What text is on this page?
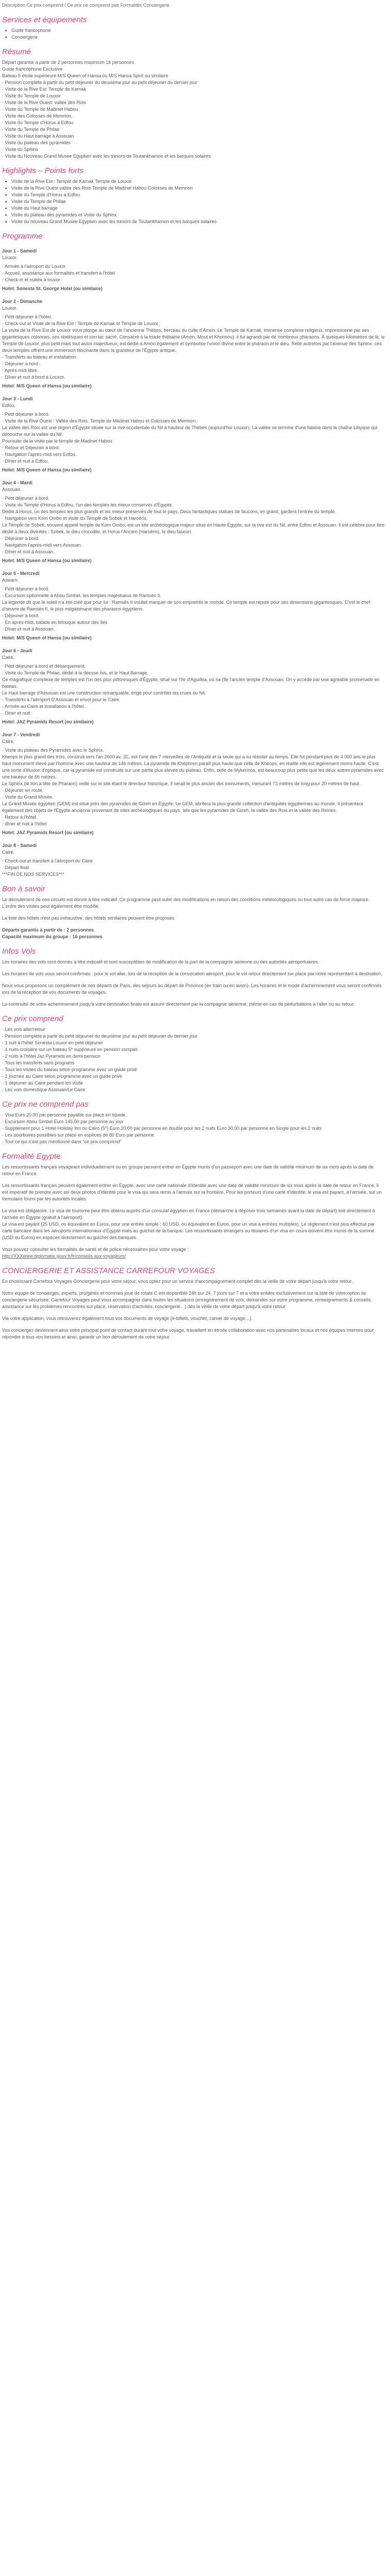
Description Ce prix comprend / Ce prix ne comprend pas Formalités Conciergerie
Services et équipements
• Guide francophone
• Conciergerie
Résumé
Départ garantie à partir de 2 personnes maximum 16 personnes
Guide francophone Exclusive
Bateau 5 étoile supérieure M/S Queen of Hansa ou M/S Hansa Spirit ou similaire
· Pension complète à partir du petit déjeuner du deuxième jour au petit déjeuner du dernier jour
· Visite de la Rive Est: Temple de Karnak
· Visite du Temple de Louxor
· Visite de la Rive Ouest: vallée des Rois
· Visite du Temple de Madinet Habou
· Visite des Colosses de Memnon,
· Visite du Temple d'Horus à Edfou
· Visite du Temple de Philae
· Visite du Haut barrage à Assouan
· Visite du plateau des pyramides
· Visite du Sphinx
· Visite du Nouveau Grand Musee Egyptien avec les tresors de Toutankhamon et les barques solaires
Highlights – Points forts
• Visite de la Rive Est : Temple de Karnak Temple de Louxor
• Visite de la Rive Ouest vallée des Rois Temple de Madinet Habou Colosses de Memnon
• Visite du Temple d'Horus à Edfou
• Visite du Temple de Philae
• Visite du Haut barrage
• Visite du plateau des pyramides et Visite du Sphinx
• Visite du nouveau Grand Musee Egyptien avec les tresors de Toutankhamon et les barques solaires
Programme
Jour 1 - Samedi
Louxor.
· Arrivée à l'aéroport du Louxor
· Accueil, assistance aux formalités et transfert à l'hôtel
· Check-in et nuitée à louxor
Hotel: Sonesta St. George Hotel (ou similaire)
Jour 2 - Dimanche
Louxor.
· Petit déjeuner à l'hôtel.
· Check-out et Visite de la Rive Est : Temple de Karnak et Temple de Louxor.
La visite de la Rive Est de Louxor vous plonge au cœur de l'ancienne Thèbes, berceau du culte d'Amon. Le Temple de Karnak, immense complexe religieux, impressionne par ses gigantesques colonnes, ses obélisques et son lac sacré. Consacré à la triade thébaine (Amon, Mout et Khonsou), il fut agrandi par de nombreux pharaons. À quelques kilomètres de là, le Temple de Louxor, plus petit mais tout aussi majestueux, est dédié à Amon également et symbolise l'union divine entre le pharaon et le dieu. Relié autrefois par l'avenue des Sphinx, ces deux temples offrent une immersion fascinante dans la grandeur de l'Égypte antique.
· Transferts au bateau et installation.
· Déjeuner a bord .
· Après-midi libre.
· Dîner et nuit à bord à Louxor.
Hotel: M/S Queen of Hansa (ou similaire)
Jour 3 - Lundi
Edfou.
· Petit déjeuner à bord.
· Visite de la Rive Ouest : Vallée des Rois, Temple de Madinet Habou et Colosses de Memnon.
La vallée des Rois est une région d'Égypte située sur la rive occidentale du Nil à hauteur de Thèbes (aujourd'hui Louxor). La vallée se termine d'une falaise dans le chaîne Libyque qui débouche sur la vallée du Nil.
Poursuite de la visite par le temple de Madinet Habou
· Retour et Déjeuner à bord.
· Navigation l'après-midi vers Edfou.
· Dîner et nuit à Edfou.
Hotel: M/S Queen of Hansa (ou similaire)
Jour 4 - Mardi
Assouan.
· Petit déjeuner à bord.
· Visite du Temple d'Horus à Edfou, l'un des temples les mieux conservés d'Égypte.
Dédié à Horus, un des temples les plus grands et les mieux préservés de tout le pays. Deux fantastiques statues de faucons, en granit, gardent l'entrée du temple.
· Navigation vers Kom Ombo et visite du Temple de Sobek et Haroéris.
Le Temple de Sobek, souvent appelé temple de Kom Ombo, est un site archéologique majeur situé en Haute-Égypte, sur la rive est du Nil, entre Edfou et Assouan. Il est célèbre pour être dédié à deux divinités : Sobek, le dieu crocodile, et Horus l'Ancien (Haroéris), le dieu faucon.
· Déjeuner à bord.
· Navigation l'après-midi vers Assouan.
· Dîner et nuit à Assouan.
Hotel: M/S Queen of Hansa (ou similaire)
Jour 5 - Mercredi
Aswam.
· Petit déjeuner à bord.
· Excursion optionnelle à Abou Simbel, les temples majestueux de Ramsès II.
La légende dit que le soleil n'a été créé que pour lui : Ramsès II voulait marquer de son empreinte le monde. Ce temple est réputé pour ses dimensions gigantesques. C'est le chef-d'œuvre de Ramsès II, le plus mégalomane des pharaons égyptiens.
· Déjeuner à bord.
· En après-midi, balade en felouque autour des îles
· Dîner et nuit à Assouan.
Hotel: M/S Queen of Hansa (ou similaire)
Jour 6 - Jeudi
Caire.
· Petit déjeuner à bord et débarquement.
· Visite du Temple de Philae, dédié à la déesse Isis, et le Haut Barrage.
Ce magnifique complexe de temples est l'un des plus pittoresques d'Égypte, situé sur l'île d'Aguilkia, où sa (île l'ancien temple d'Assouan. On y accède par une agréable promenade en bateau.
Le Haut barrage d'Assouan est une construction remarquable, érigé pour contrôler les crues du Nil.
· Transferts à l'aéroport D'Assouan et envol pour le Caire.
· Arrivée au Caire et installation à l'hôtel.
· Diner et nuit.
Hotel: JAZ Pyramids Resort (ou similaire)
Jour 7 - Vendredi
Caire.
· Visite du plateau des Pyramides avec le Sphinx.
Kheops le plus grand des trois, construit vers l'an 2600 av. JC, est l'une des 7 merveilles de l'Antiquité et la seule qui a su résister au temps. Elle fut pendant plus de 4 000 ans le plus haut monument élevé par l'homme avec une hauteur de 146 mètres. La pyramide de Khéphren paraît plus haute que celle de Khéops, en réalité elle est légèrement moins haute. C'est une sorte d'illusion d'optique, car la pyramide est construite sur une partie plus élevée du plateau. Enfin, celle de Mykérinos, est beaucoup plus petite que les deux autres pyramides avec une hauteur de 66 mètres.
Le Sphinx (le lion à tête de Pharaon) veille sur le site étant le directeur historique. Il serait le plus ancien des monuments, mesurant 73 mètres de long pour 20 mètres de haut.
· Déjeuner en route.
· Visite du Grand Musée.
Le Grand Musée égyptien (GEM) est situé près des pyramides de Gizeh en Egypte. Le GEM, abritera la plus grande collection d'antiquités égyptiennes au monde. Il présentera également des objets de l'Égypte ancienne provenant de sites archéologiques du pays, tels que les pyramides de Gizeh, la vallée des Rois et la vallée des Reines.
· Retour à l'hôtel.
· dîner et nuit à l'hôtel
Hotel: JAZ Pyramids Resort (ou similaire)
Jour 8 - Samedi
Caire.
· Check-out et transfert à l'aéroport du Caire
· Départ final
***FIN DE NOS SERVICES***
Bon à savoir
Le déroulement de nos circuits est donné à titre indicatif. Ce programme peut subir des modifications en raison des conditions météorologiques ou tout autre cas de force majeure. L'ordre des visites peut également être modifié.
La liste des hôtels n'est pas exhaustive, des hôtels similaires peuvent être proposés
Départs garantis à partir de : 2 personnes
Capacité maximum du groupe : 16 personnes
Infos Vols
Les horaires des vols sont donnés à titre indicatif et sont susceptibles de modification de la part de la compagnie aérienne ou des autorités aéroportuaires.
Les horaires de vols vous seront confirmés : pour le vol aller, lors de la réception de la convocation aéroport, pour le vol retour directement sur place par notre représentant à destination.
Nous vous proposons un complément de nos départs de Paris, des séjours au départ de Province (en train ou en avion). Les horaires et le mode d'acheminement vous seront confirmés lors de la réception de vos documents de voyages.
La continuité de votre acheminement jusqu'à votre destination finale est assuré directement par la compagnie aérienne, même en cas de perturbations à l'aller ou au retour.
Ce prix comprend
· Les vols aller/retour
· Pension complète à partir du petit déjeuner du deuxième jour au petit déjeuner du dernier jour
· 1 nuit à l'hôtel Sonesta Louxor en petit déjeuner
· 4 nuits croisière sur un bateau 5* supérieure en pension complet
· 2 nuits à l'hôtel Jaz Pyramids en demi-pension
· Tous les transferts sans programs
· Tous les visites du bateau selon programme avec un guide privé
· 1 journée au Caire selon programme avec un guide privé
· 1 déjeuner au Caire pendant les visite
· Les vols domestique Assouan/Le Caire
Ce prix ne comprend pas
· Visa Euro 20.00 par personne payable sur place en liquide
· Excursion Abou Simbel Euro 145.00 par personne au jour
· Supplément pour 1 Hotel Holiday Inn ou Cairo (5*) Euro 20.00 par personne en double pour les 2 nuits Euro 30.00 par personne en Single pour les 2 nuits
· Les pourboires possibles sur place en espèces de 80 Euro par personne
· Tout ce qui n'est pas mentionné dans "ce prix comprend"
Formalité Egypte
Les ressortissants français voyageant individuellement ou en groupe peuvent entrer en Égypte munis d'un passeport avec une date de validité minimum de six mois après la date de retour en France.
Les ressortissants français peuvent également entrer en Égypte, avec une carte nationale d'identité avec une date de validité minimum de six mois après la date de retour en France. Il est impératif de prendre avec soi deux photos d'identité pour le visa qui sera remis à l'arrivée sur la frontière. Pour les porteurs d'une carte d'identité, le visa est payant, à l'arrivée, sur un formulaire fourni par les autorités locales.
Le visa est obligatoire. Le visa de tourisme peut être obtenu auprès d'un consulat égyptien en France (démarche à déposer trois semaines avant la date de départ) soit directement à l'arrivée en Égypte (gratuit à l'aéroport).
Le visa est payant (25 USD, ou équivalent en Euros, pour une entrée simple ; 60 USD, ou équivalent en Euros, pour un visa à entrées multiples). Le règlement n'est plus effectué par carte bancaire dans les aéroports internationaux d'Égypte mais au guichet de la banque. Les ressortissants étrangers ou titulaires d'un visa en cours doivent être munis de la somme (USD ou Euros) en espèces directement au guichet des banques.
Vous pouvez consulter les formalités de santé et de police nécessaires pour votre voyage :
http://XXXwww.diplomatie.gouv.fr/fr/conseils-aux-voyageurs/
CONCIERGERIE ET ASSISTANCE CARREFOUR VOYAGES
En choisissant Carrefour Voyages Conciergerie pour votre séjour, vous optez pour un service d'accompagnement complet dès la veille de votre départ jusqu'à votre retour.
Notre équipe de concierges, experts, pro/gérés et hommes joue de rotate C est dispontble 24h sur 24, 7 jours sur 7 et a votre entière exclusivement sur la liste de votre option de conciergerie sécurisée. Carrefour Voyages peut vous accompagner dans toutes les situations (enregistrement de vols, demandes sur votre programme, renseignements & conseils, assistance sur les problèmes rencontrés sur place, réservation d'activités, conciergerie…) dès la veille de votre départ jusqu'à votre retour.
Via votre application, vous retrouverez également tous vos documents de voyage (e-billets, voucher, carnet de voyage…).
Vos concierges deviennent ainsi votre principal point de contact durant tout votre voyage, travaillent en étroite collaboration avec nos partenaires locaux et nos équipes internes pour répondre à tous vos besoins et ainsi, garantir un bon déroulement de votre séjour.
